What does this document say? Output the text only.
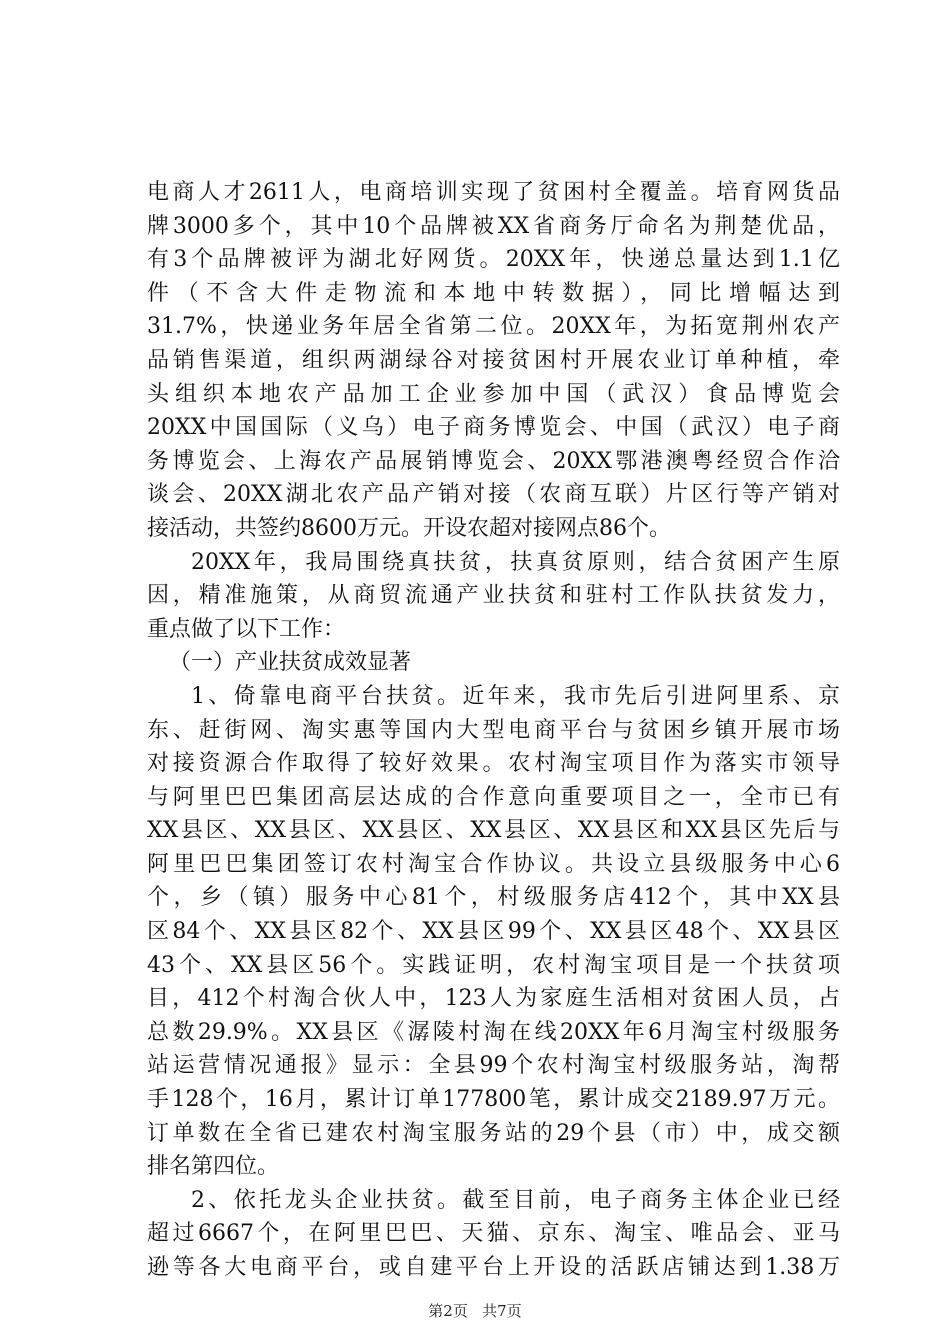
电商人才2611人，电商培训实现了贫困村全覆盖。培育网货品
牌3000多个，其中10个品牌被XX省商务厅命名为荆楚优品，
有3个品牌被评为湖北好网货。20XX年，快递总量达到1.1亿
件（不含大件走物流和本地中转数据），同比增幅达到
31.7%，快递业务年居全省第二位。20XX年，为拓宽荆州农产
品销售渠道，组织两湖绿谷对接贫困村开展农业订单种植，牵
头组织本地农产品加工企业参加中国（武汉）食品博览会
20XX中国国际（义乌）电子商务博览会、中国（武汉）电子商
务博览会、上海农产品展销博览会、20XX鄂港澳粤经贸合作洽
谈会、20XX湖北农产品产销对接（农商互联）片区行等产销对
接活动，共签约8600万元。开设农超对接网点86个。
20XX年，我局围绕真扶贫，扶真贫原则，结合贫困产生原
因，精准施策，从商贸流通产业扶贫和驻村工作队扶贫发力，
重点做了以下工作：
（一）产业扶贫成效显著
1、倚靠电商平台扶贫。近年来，我市先后引进阿里系、京
东、赶街网、淘实惠等国内大型电商平台与贫困乡镇开展市场
对接资源合作取得了较好效果。农村淘宝项目作为落实市领导
与阿里巴巴集团高层达成的合作意向重要项目之一，全市已有
XX县区、XX县区、XX县区、XX县区、XX县区和XX县区先后与
阿里巴巴集团签订农村淘宝合作协议。共设立县级服务中心6
个，乡（镇）服务中心81个，村级服务店412个，其中XX县
区84个、XX县区82个、XX县区99个、XX县区48个、XX县区
43个、XX县区56个。实践证明，农村淘宝项目是一个扶贫项
目，412个村淘合伙人中，123人为家庭生活相对贫困人员，占
总数29.9%。XX县区《潺陵村淘在线20XX年6月淘宝村级服务
站运营情况通报》显示：全县99个农村淘宝村级服务站，淘帮
手128个，16月，累计订单177800笔，累计成交2189.97万元。
订单数在全省已建农村淘宝服务站的29个县（市）中，成交额
排名第四位。
2、依托龙头企业扶贫。截至目前，电子商务主体企业已经
超过6667个，在阿里巴巴、天猫、京东、淘宝、唯品会、亚马
逊等各大电商平台，或自建平台上开设的活跃店铺达到1.38万
第2页 共7页
